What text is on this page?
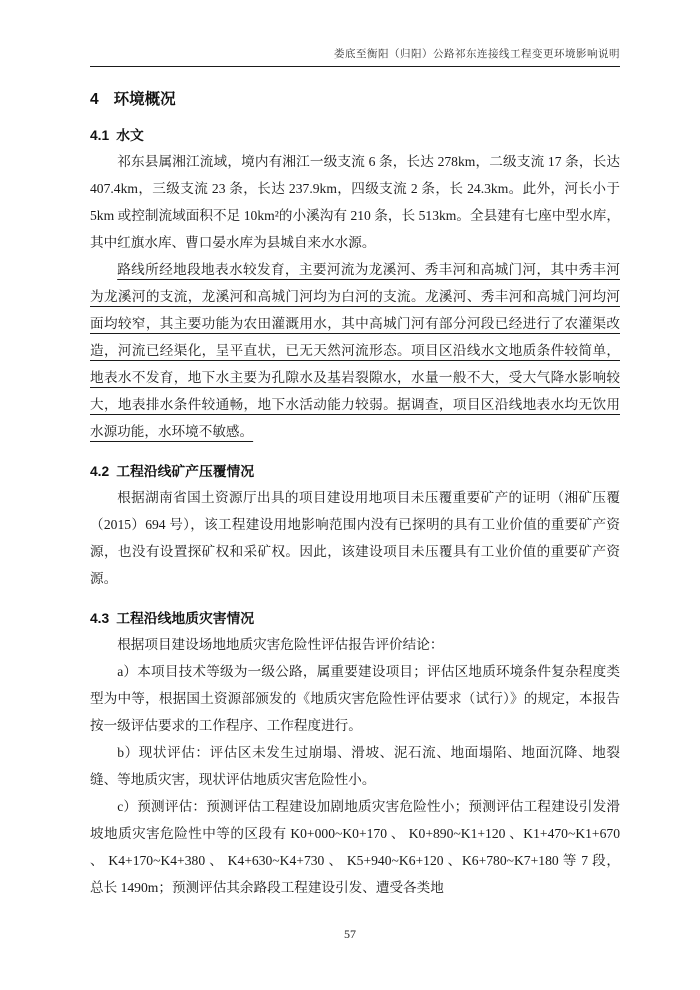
娄底至衡阳（归阳）公路祁东连接线工程变更环境影响说明
4 环境概况
4.1 水文

祁东县属湘江流域，境内有湘江一级支流 6 条，长达 278km，二级支流 17 条，长达 407.4km，三级支流 23 条，长达 237.9km，四级支流 2 条，长 24.3km。此外，河长小于 5km 或控制流域面积不足 10km²的小溪沟有 210 条，长 513km。全县建有七座中型水库，其中红旗水库、曹口晏水库为县城自来水水源。

路线所经地段地表水较发育，主要河流为龙溪河、秀丰河和高城门河，其中秀丰河为龙溪河的支流，龙溪河和高城门河均为白河的支流。龙溪河、秀丰河和高城门河均河面均较窄，其主要功能为农田灌溉用水，其中高城门河有部分河段已经进行了农灌渠改造，河流已经渠化，呈平直状，已无天然河流形态。项目区沿线水文地质条件较简单，地表水不发育，地下水主要为孔隙水及基岩裂隙水，水量一般不大，受大气降水影响较大，地表排水条件较通畅，地下水活动能力较弱。据调查，项目区沿线地表水均无饮用水源功能，水环境不敏感。

4.2 工程沿线矿产压覆情况

根据湖南省国土资源厅出具的项目建设用地项目未压覆重要矿产的证明（湘矿压覆（2015）694 号），该工程建设用地影响范围内没有已探明的具有工业价值的重要矿产资源，也没有设置探矿权和采矿权。因此，该建设项目未压覆具有工业价值的重要矿产资源。

4.3 工程沿线地质灾害情况

根据项目建设场地地质灾害危险性评估报告评价结论：

a）本项目技术等级为一级公路，属重要建设项目；评估区地质环境条件复杂程度类型为中等，根据国土资源部颁发的《地质灾害危险性评估要求（试行）》的规定，本报告按一级评估要求的工作程序、工作程度进行。

b）现状评估：评估区未发生过崩塌、滑坡、泥石流、地面塌陷、地面沉降、地裂缝、等地质灾害，现状评估地质灾害危险性小。

c）预测评估：预测评估工程建设加剧地质灾害危险性小；预测评估工程建设引发滑坡地质灾害危险性中等的区段有 K0+000~K0+170 、 K0+890~K1+120 、K1+470~K1+670 、 K4+170~K4+380 、 K4+630~K4+730 、 K5+940~K6+120 、K6+780~K7+180 等 7 段，总长 1490m；预测评估其余路段工程建设引发、遭受各类地

57
